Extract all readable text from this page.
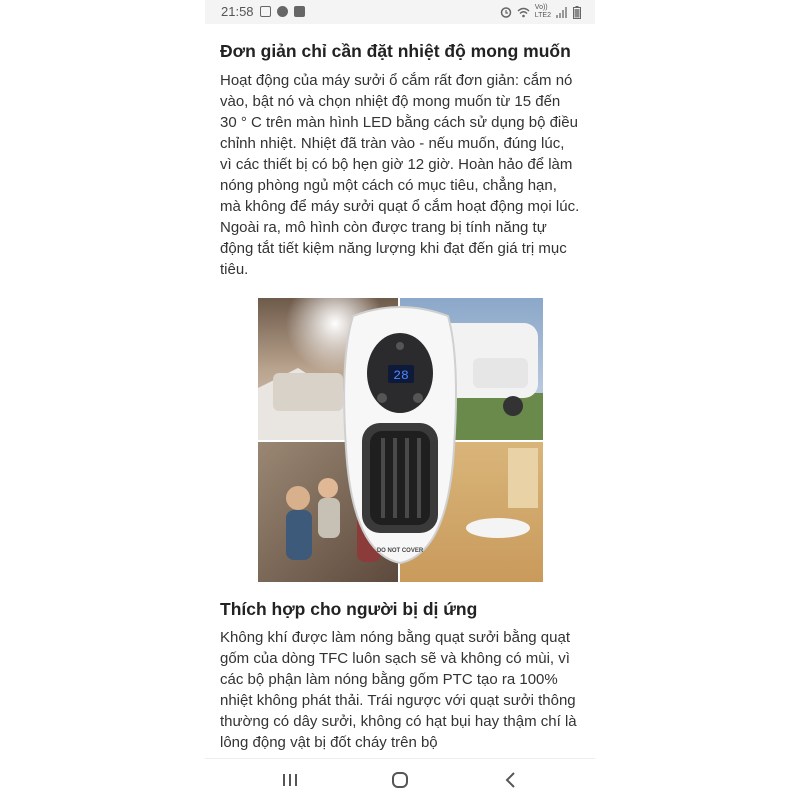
21:58	Vo))
LTE2
Đơn giản chỉ cần đặt nhiệt độ mong muốn

Hoạt động của máy sưởi ổ cắm rất đơn giản: cắm nó vào, bật nó và chọn nhiệt độ mong muốn từ 15 đến 30 ° C trên màn hình LED bằng cách sử dụng bộ điều chỉnh nhiệt. Nhiệt đã tràn vào - nếu muốn, đúng lúc, vì các thiết bị có bộ hẹn giờ 12 giờ. Hoàn hảo để làm nóng phòng ngủ một cách có mục tiêu, chẳng hạn, mà không để máy sưởi quạt ổ cắm hoạt động mọi lúc. Ngoài ra, mô hình còn được trang bị tính năng tự động tắt tiết kiệm năng lượng khi đạt đến giá trị mục tiêu.

28
DO NOT COVER
Thích hợp cho người bị dị ứng

Không khí được làm nóng bằng quạt sưởi bằng quạt gốm của dòng TFC luôn sạch sẽ và không có mùi, vì các bộ phận làm nóng bằng gốm PTC tạo ra 100% nhiệt không phát thải. Trái ngược với quạt sưởi thông thường có dây sưởi, không có hạt bụi hay thậm chí là lông động vật bị đốt cháy trên bộ
